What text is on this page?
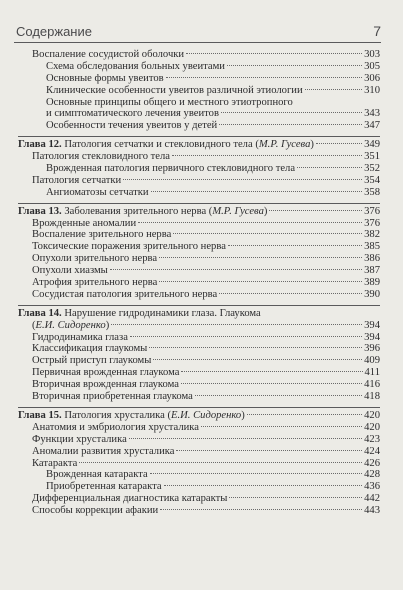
Содержание	7
Воспаление сосудистой оболочки	303
Схема обследования больных увеитами	305
Основные формы увеитов	306
Клинические особенности увеитов различной этиологии	310
Основные принципы общего и местного этиотропного
и симптоматического лечения увеитов	343
Особенности течения увеитов у детей	347
Глава 12. Патология сетчатки и стекловидного тела (М.Р. Гусева)	349
Патология стекловидного тела	351
Врожденная патология первичного стекловидного тела	352
Патология сетчатки	354
Ангиоматозы сетчатки	358
Глава 13. Заболевания зрительного нерва (М.Р. Гусева)	376
Врожденные аномалии	376
Воспаление зрительного нерва	382
Токсические поражения зрительного нерва	385
Опухоли зрительного нерва	386
Опухоли хиазмы	387
Атрофия зрительного нерва	389
Сосудистая патология зрительного нерва	390
Глава 14. Нарушение гидродинамики глаза. Глаукома
(Е.И. Сидоренко)	394
Гидродинамика глаза	394
Классификация глаукомы	396
Острый приступ глаукомы	409
Первичная врожденная глаукома	411
Вторичная врожденная глаукома	416
Вторичная приобретенная глаукома	418
Глава 15. Патология хрусталика (Е.И. Сидоренко)	420
Анатомия и эмбриология хрусталика	420
Функции хрусталика	423
Аномалии развития хрусталика	424
Катаракта	426
Врожденная катаракта	428
Приобретенная катаракта	436
Дифференциальная диагностика катаракты	442
Способы коррекции афакии	443
